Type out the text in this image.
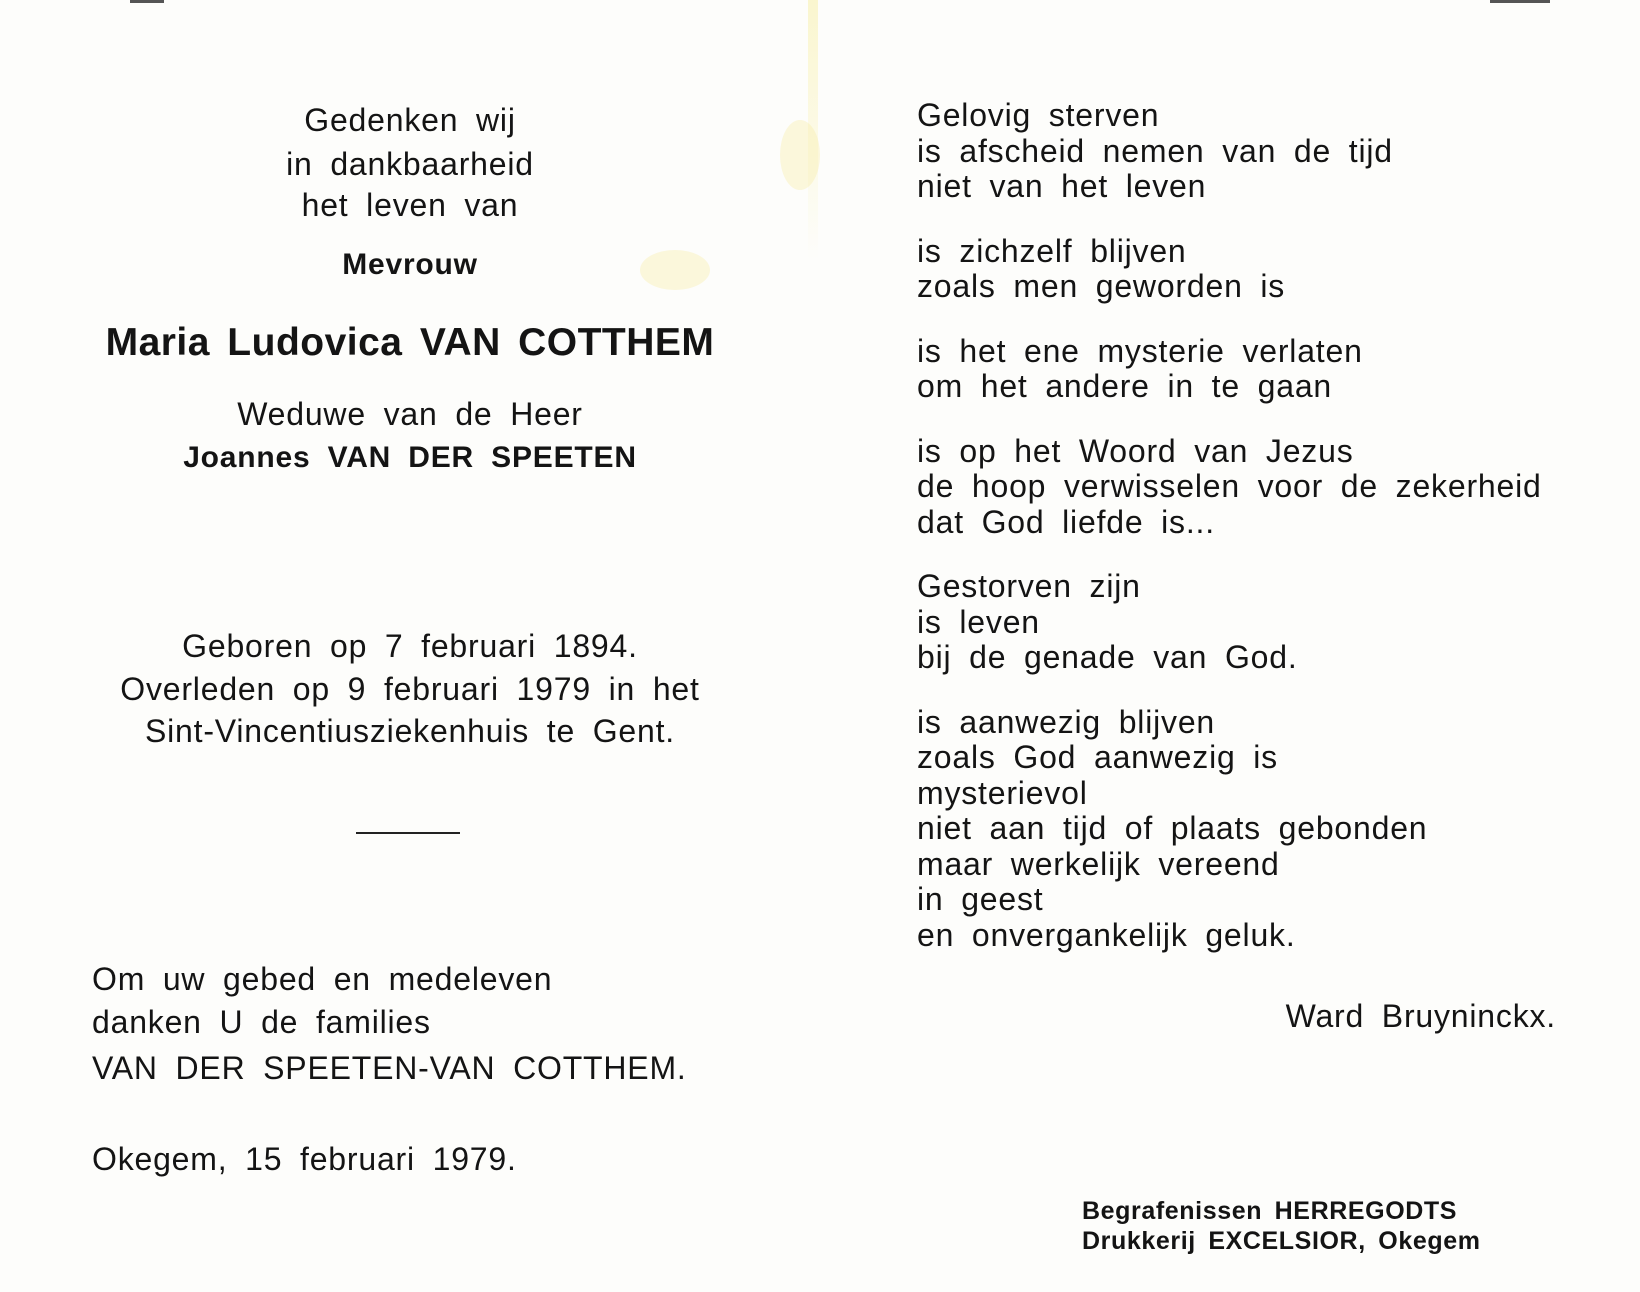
Gedenken wij
in dankbaarheid
het leven van
Mevrouw
Maria Ludovica VAN COTTHEM
Weduwe van de Heer
Joannes VAN DER SPEETEN
Geboren op 7 februari 1894.
Overleden op 9 februari 1979 in het
Sint-Vincentiusziekenhuis te Gent.
Om uw gebed en medeleven
danken U de families
VAN DER SPEETEN-VAN COTTHEM.
Okegem, 15 februari 1979.
Gelovig sterven
is afscheid nemen van de tijd
niet van het leven
is zichzelf blijven
zoals men geworden is
is het ene mysterie verlaten
om het andere in te gaan
is op het Woord van Jezus
de hoop verwisselen voor de zekerheid
dat God liefde is...
Gestorven zijn
is leven
bij de genade van God.
is aanwezig blijven
zoals God aanwezig is
mysterievol
niet aan tijd of plaats gebonden
maar werkelijk vereend
in geest
en onvergankelijk geluk.
Ward Bruyninckx.
Begrafenissen HERREGODTS
Drukkerij EXCELSIOR, Okegem
